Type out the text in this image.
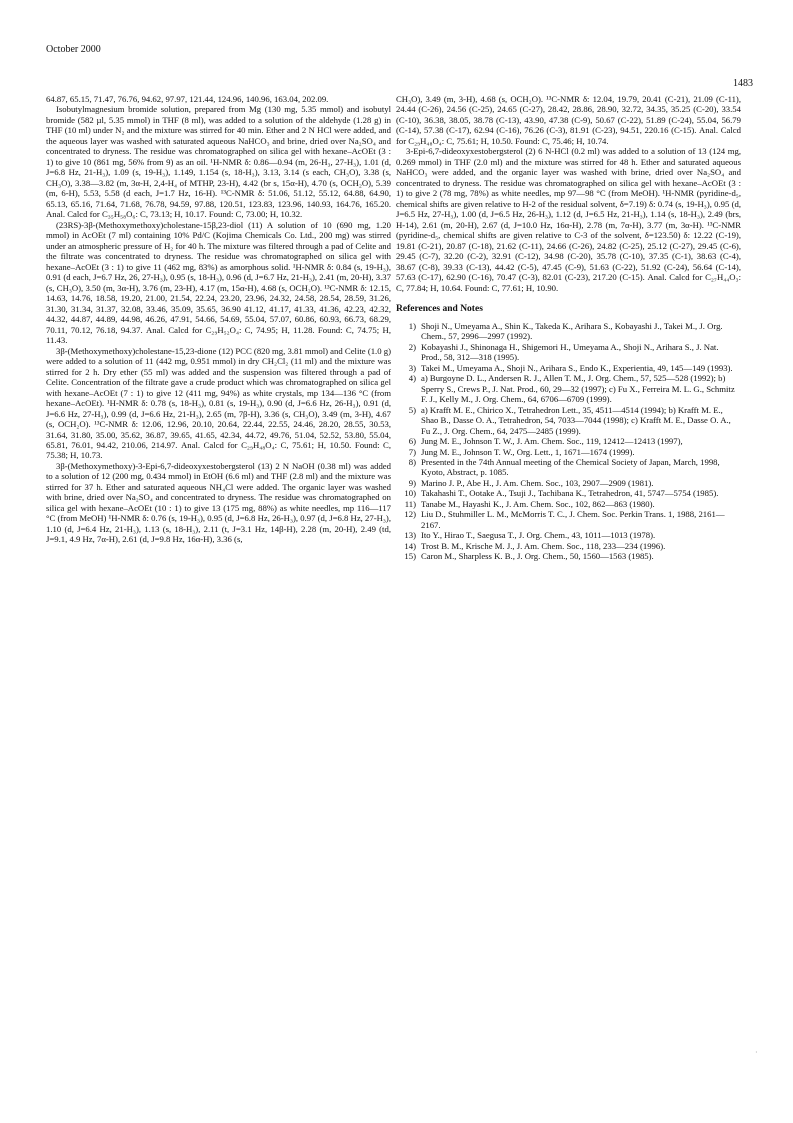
October 2000
1483

64.87, 65.15, 71.47, 76.76, 94.62, 97.97, 121.44, 124.96, 140.96, 163.04, 202.09.

Isobutylmagnesium bromide solution, prepared from Mg (130 mg, 5.35 mmol) and isobutyl bromide (582 µl, 5.35 mmol) in THF (8 ml), was added to a solution of the aldehyde (1.28 g) in THF (10 ml) under N₂ and the mixture was stirred for 40 min. Ether and 2 N HCl were added, and the aqueous layer was washed with saturated aqueous NaHCO₃ and brine, dried over Na₂SO₄ and concentrated to dryness. The residue was chromatographed on silica gel with hexane–AcOEt (3 : 1) to give 10 (861 mg, 56% from 9) as an oil. ¹H-NMR δ: 0.86—0.94 (m, 26-H₃, 27-H₃), 1.01 (d, J=6.8 Hz, 21-H₃), 1.09 (s, 19-H₃), 1.149, 1.154 (s, 18-H₃), 3.13, 3.14 (s each, CH₃O), 3.38 (s, CH₃O), 3.38—3.82 (m, 3α-H, 2,4-H₄ of MTHP, 23-H), 4.42 (br s, 15α-H), 4.70 (s, OCH₂O), 5.39 (m, 6-H), 5.53, 5.58 (d each, J=1.7 Hz, 16-H). ¹³C-NMR δ: 51.06, 51.12, 55.12, 64.88, 64.90, 65.13, 65.16, 71.64, 71.68, 76.78, 94.59, 97.88, 120.51, 123.83, 123.96, 140.93, 164.76, 165.20. Anal. Calcd for C₃₅H₅₈O₆: C, 73.13; H, 10.17. Found: C, 73.00; H, 10.32.

(23RS)-3β-(Methoxymethoxy)cholestane-15β,23-diol (11) A solution of 10 (690 mg, 1.20 mmol) in AcOEt (7 ml) containing 10% Pd/C (Kojima Chemicals Co. Ltd., 200 mg) was stirred under an atmospheric pressure of H₂ for 40 h. The mixture was filtered through a pad of Celite and the filtrate was concentrated to dryness. The residue was chromatographed on silica gel with hexane–AcOEt (3 : 1) to give 11 (462 mg, 83%) as amorphous solid. ¹H-NMR δ: 0.84 (s, 19-H₃), 0.91 (d each, J=6.7 Hz, 26, 27-H₃), 0.95 (s, 18-H₃), 0.96 (d, J=6.7 Hz, 21-H₃), 2.41 (m, 20-H), 3.37 (s, CH₃O), 3.50 (m, 3α-H), 3.76 (m, 23-H), 4.17 (m, 15α-H), 4.68 (s, OCH₂O). ¹³C-NMR δ: 12.15, 14.63, 14.76, 18.58, 19.20, 21.00, 21.54, 22.24, 23.20, 23.96, 24.32, 24.58, 28.54, 28.59, 31.26, 31.30, 31.34, 31.37, 32.08, 33.46, 35.09, 35.65, 36.90 41.12, 41.17, 41.33, 41.36, 42.23, 42.32, 44.32, 44.87, 44.89, 44.98, 46.26, 47.91, 54.66, 54.69, 55.04, 57.07, 60.86, 60.93, 66.73, 68.29, 70.11, 70.12, 76.18, 94.37. Anal. Calcd for C₂₉H₅₂O₄: C, 74.95; H, 11.28. Found: C, 74.75; H, 11.43.

3β-(Methoxymethoxy)cholestane-15,23-dione (12) PCC (820 mg, 3.81 mmol) and Celite (1.0 g) were added to a solution of 11 (442 mg, 0.951 mmol) in dry CH₂Cl₂ (11 ml) and the mixture was stirred for 2 h. Dry ether (55 ml) was added and the suspension was filtered through a pad of Celite. Concentration of the filtrate gave a crude product which was chromatographed on silica gel with hexane–AcOEt (7 : 1) to give 12 (411 mg, 94%) as white crystals, mp 134—136 °C (from hexane–AcOEt). ¹H-NMR δ: 0.78 (s, 18-H₃), 0.81 (s, 19-H₃), 0.90 (d, J=6.6 Hz, 26-H₃), 0.91 (d, J=6.6 Hz, 27-H₃), 0.99 (d, J=6.6 Hz, 21-H₃), 2.65 (m, 7β-H), 3.36 (s, CH₃O), 3.49 (m, 3-H), 4.67 (s, OCH₂O). ¹³C-NMR δ: 12.06, 12.96, 20.10, 20.64, 22.44, 22.55, 24.46, 28.20, 28.55, 30.53, 31.64, 31.80, 35.00, 35.62, 36.87, 39.65, 41.65, 42.34, 44.72, 49.76, 51.04, 52.52, 53.80, 55.04, 65.81, 76.01, 94.42, 210.06, 214.97. Anal. Calcd for C₂₉H₄₈O₄: C, 75.61; H, 10.50. Found: C, 75.38; H, 10.73.

3β-(Methoxymethoxy)-3-Epi-6,7-dideoxyxestobergsterol (13) 2 N NaOH (0.38 ml) was added to a solution of 12 (200 mg, 0.434 mmol) in EtOH (6.6 ml) and THF (2.8 ml) and the mixture was stirred for 37 h. Ether and saturated aqueous NH₄Cl were added. The organic layer was washed with brine, dried over Na₂SO₄ and concentrated to dryness. The residue was chromatographed on silica gel with hexane–AcOEt (10 : 1) to give 13 (175 mg, 88%) as white needles, mp 116—117 °C (from MeOH) ¹H-NMR δ: 0.76 (s, 19-H₃), 0.95 (d, J=6.8 Hz, 26-H₃), 0.97 (d, J=6.8 Hz, 27-H₃), 1.10 (d, J=6.4 Hz, 21-H₃), 1.13 (s, 18-H₃), 2.11 (t, J=3.1 Hz, 14β-H), 2.28 (m, 20-H), 2.49 (td, J=9.1, 4.9 Hz, 7α-H), 2.61 (d, J=9.8 Hz, 16α-H), 3.36 (s,

CH₃O), 3.49 (m, 3-H), 4.68 (s, OCH₂O). ¹³C-NMR δ: 12.04, 19.79, 20.41 (C-21), 21.09 (C-11), 24.44 (C-26), 24.56 (C-25), 24.65 (C-27), 28.42, 28.86, 28.90, 32.72, 34.35, 35.25 (C-20), 33.54 (C-10), 36.38, 38.05, 38.78 (C-13), 43.90, 47.38 (C-9), 50.67 (C-22), 51.89 (C-24), 55.04, 56.79 (C-14), 57.38 (C-17), 62.94 (C-16), 76.26 (C-3), 81.91 (C-23), 94.51, 220.16 (C-15). Anal. Calcd for C₂₉H₄₈O₄: C, 75.61; H, 10.50. Found: C, 75.46; H, 10.74.

3-Epi-6,7-dideoxyxestobergsterol (2) 6 N-HCl (0.2 ml) was added to a solution of 13 (124 mg, 0.269 mmol) in THF (2.0 ml) and the mixture was stirred for 48 h. Ether and saturated aqueous NaHCO₃ were added, and the organic layer was washed with brine, dried over Na₂SO₄ and concentrated to dryness. The residue was chromatographed on silica gel with hexane–AcOEt (3 : 1) to give 2 (78 mg, 78%) as white needles, mp 97—98 °C (from MeOH). ¹H-NMR (pyridine-d₅, chemical shifts are given relative to H-2 of the residual solvent, δ=7.19) δ: 0.74 (s, 19-H₃), 0.95 (d, J=6.5 Hz, 27-H₃), 1.00 (d, J=6.5 Hz, 26-H₃), 1.12 (d, J=6.5 Hz, 21-H₃), 1.14 (s, 18-H₃), 2.49 (brs, H-14), 2.61 (m, 20-H), 2.67 (d, J=10.0 Hz, 16α-H), 2.78 (m, 7α-H), 3.77 (m, 3α-H). ¹³C-NMR (pyridine-d₅, chemical shifts are given relative to C-3 of the solvent, δ=123.50) δ: 12.22 (C-19), 19.81 (C-21), 20.87 (C-18), 21.62 (C-11), 24.66 (C-26), 24.82 (C-25), 25.12 (C-27), 29.45 (C-6), 29.45 (C-7), 32.20 (C-2), 32.91 (C-12), 34.98 (C-20), 35.78 (C-10), 37.35 (C-1), 38.63 (C-4), 38.67 (C-8), 39.33 (C-13), 44.42 (C-5), 47.45 (C-9), 51.63 (C-22), 51.92 (C-24), 56.64 (C-14), 57.63 (C-17), 62.90 (C-16), 70.47 (C-3), 82.01 (C-23), 217.20 (C-15). Anal. Calcd for C₂₇H₄₄O₃: C, 77.84; H, 10.64. Found: C, 77.61; H, 10.90.

References and Notes
1) Shoji N., Umeyama A., Shin K., Takeda K., Arihara S., Kobayashi J., Takei M., J. Org. Chem., 57, 2996—2997 (1992).
2) Kobayashi J., Shinonaga H., Shigemori H., Umeyama A., Shoji N., Arihara S., J. Nat. Prod., 58, 312—318 (1995).
3) Takei M., Umeyama A., Shoji N., Arihara S., Endo K., Experientia, 49, 145—149 (1993).
4) a) Burgoyne D. L., Andersen R. J., Allen T. M., J. Org. Chem., 57, 525—528 (1992); b) Sperry S., Crews P., J. Nat. Prod., 60, 29—32 (1997); c) Fu X., Ferreira M. L. G., Schmitz F. J., Kelly M., J. Org. Chem., 64, 6706—6709 (1999).
5) a) Krafft M. E., Chirico X., Tetrahedron Lett., 35, 4511—4514 (1994); b) Krafft M. E., Shao B., Dasse O. A., Tetrahedron, 54, 7033—7044 (1998); c) Krafft M. E., Dasse O. A., Fu Z., J. Org. Chem., 64, 2475—2485 (1999).
6) Jung M. E., Johnson T. W., J. Am. Chem. Soc., 119, 12412—12413 (1997),
7) Jung M. E., Johnson T. W., Org. Lett., 1, 1671—1674 (1999).
8) Presented in the 74th Annual meeting of the Chemical Society of Japan, March, 1998, Kyoto, Abstract, p. 1085.
9) Marino J. P., Abe H., J. Am. Chem. Soc., 103, 2907—2909 (1981).
10) Takahashi T., Ootake A., Tsuji J., Tachibana K., Tetrahedron, 41, 5747—5754 (1985).
11) Tanabe M., Hayashi K., J. Am. Chem. Soc., 102, 862—863 (1980).
12) Liu D., Stuhmiller L. M., McMorris T. C., J. Chem. Soc. Perkin Trans. 1, 1988, 2161—2167.
13) Ito Y., Hirao T., Saegusa T., J. Org. Chem., 43, 1011—1013 (1978).
14) Trost B. M., Krische M. J., J. Am. Chem. Soc., 118, 233—234 (1996).
15) Caron M., Sharpless K. B., J. Org. Chem., 50, 1560—1563 (1985).
·
